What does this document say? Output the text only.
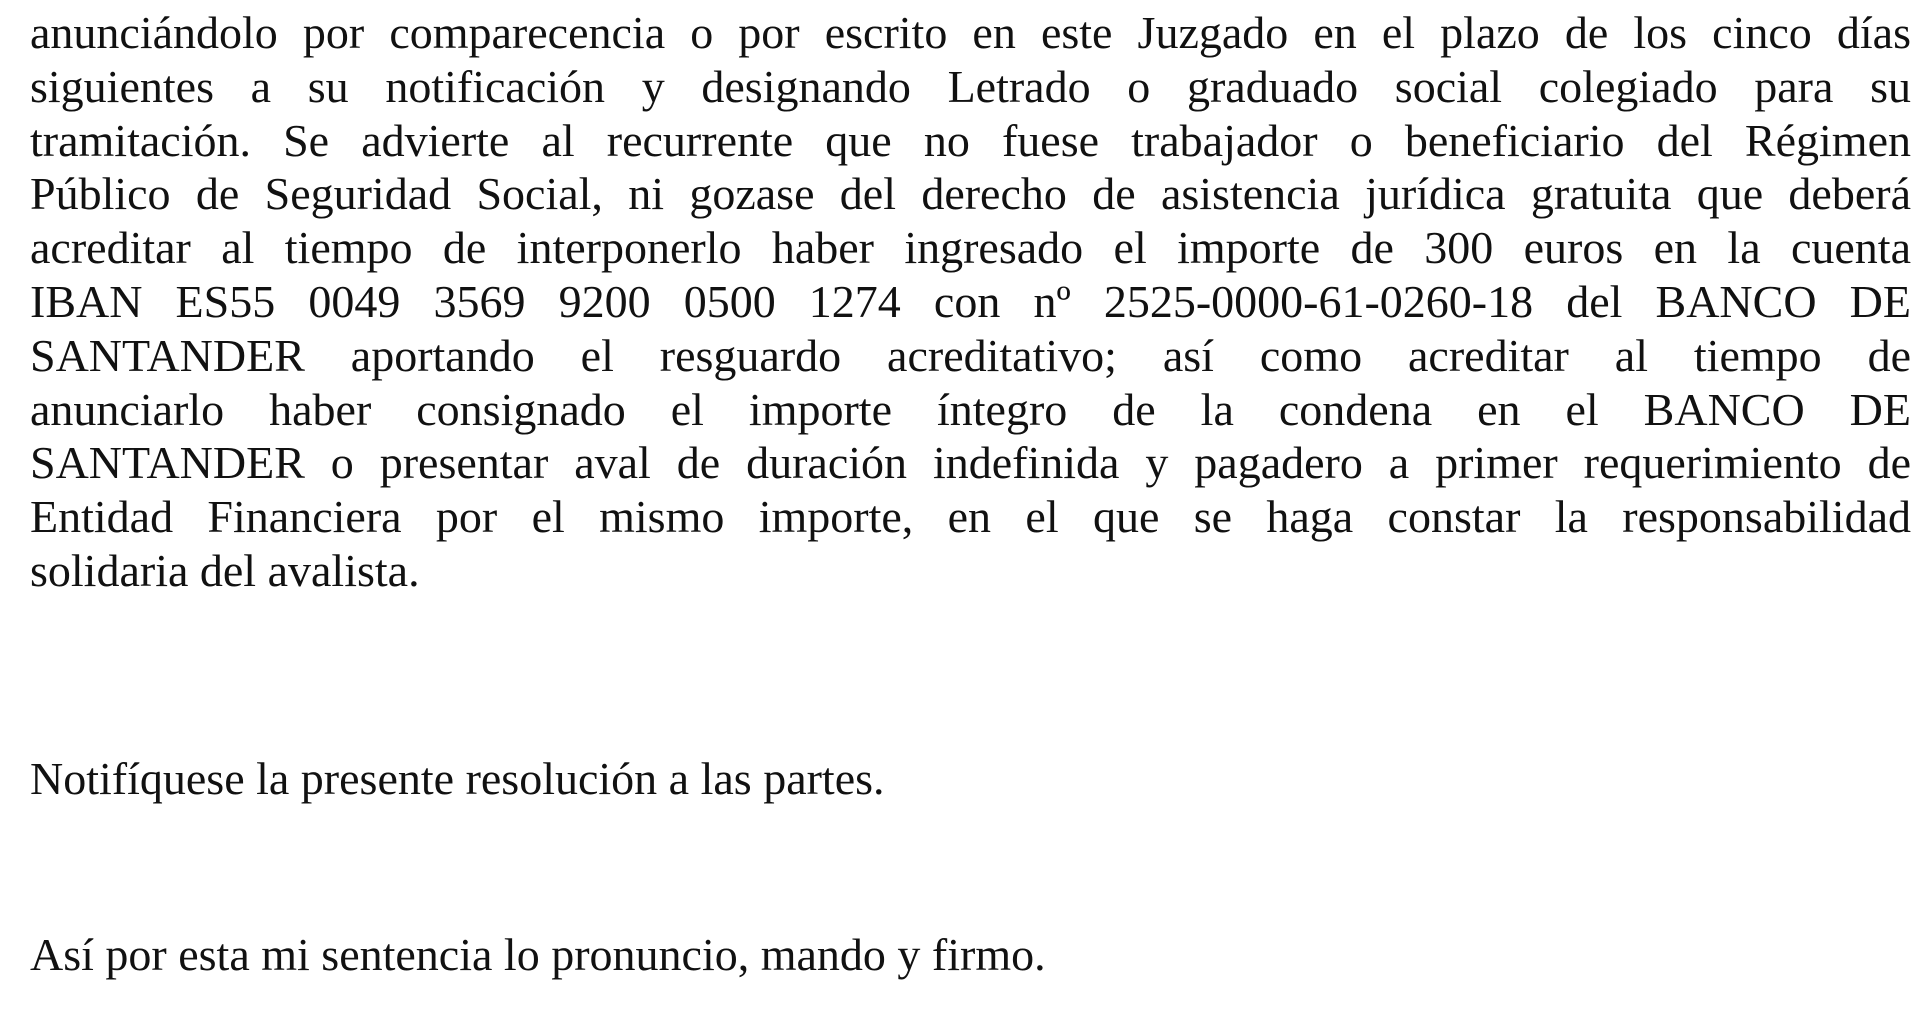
anunciándolo por comparecencia o por escrito en este Juzgado en el plazo de los cinco días
siguientes a su notificación y designando Letrado o graduado social colegiado para su
tramitación. Se advierte al recurrente que no fuese trabajador o beneficiario del Régimen
Público de Seguridad Social, ni gozase del derecho de asistencia jurídica gratuita que deberá
acreditar al tiempo de interponerlo haber ingresado el importe de 300 euros en la cuenta
IBAN ES55 0049 3569 9200 0500 1274 con nº 2525-0000-61-0260-18 del BANCO DE
SANTANDER aportando el resguardo acreditativo; así como acreditar al tiempo de
anunciarlo haber consignado el importe íntegro de la condena en el BANCO DE
SANTANDER o presentar aval de duración indefinida y pagadero a primer requerimiento de
Entidad Financiera por el mismo importe, en el que se haga constar la responsabilidad
solidaria del avalista.

Notifíquese la presente resolución a las partes.

Así por esta mi sentencia lo pronuncio, mando y firmo.
